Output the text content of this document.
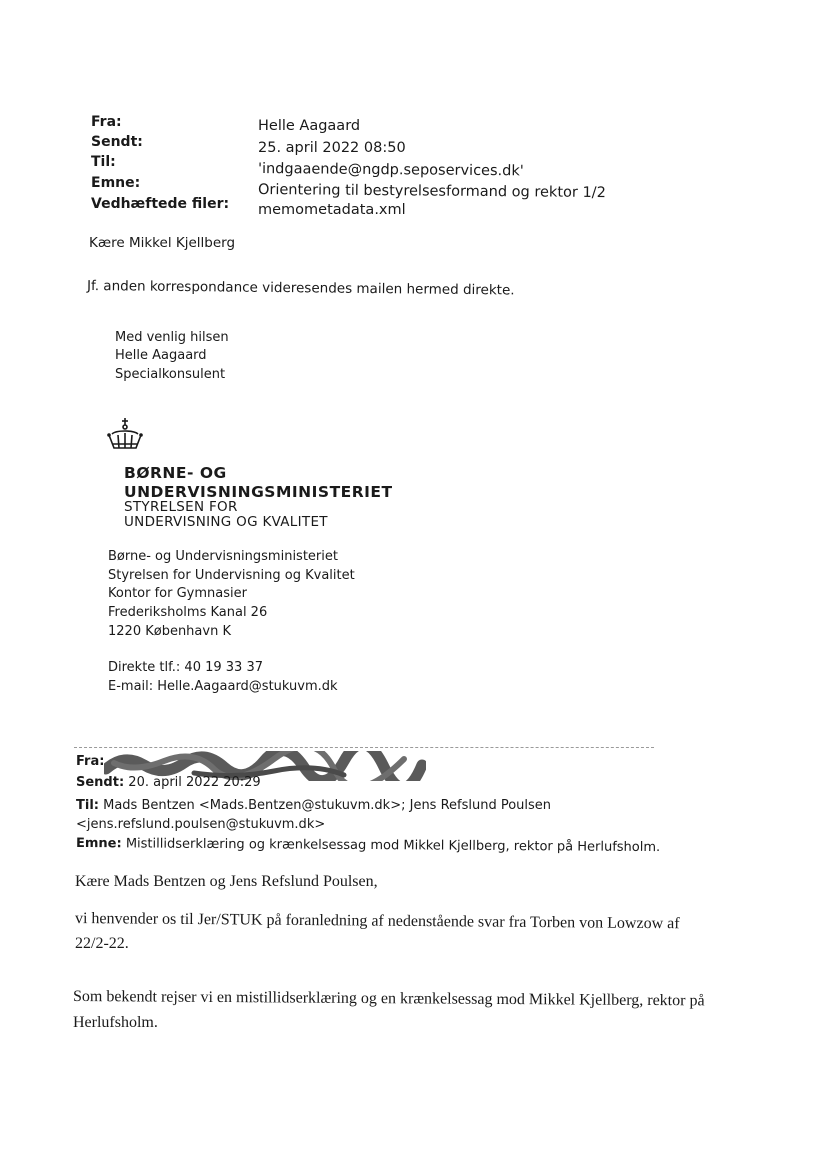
Fra:
Sendt:
Til:
Emne:
Vedhæftede filer:
Helle Aagaard
25. april 2022 08:50
'indgaaende@ngdp.seposervices.dk'
Orientering til bestyrelsesformand og rektor 1/2
memometadata.xml
Kære Mikkel Kjellberg
Jf. anden korrespondance videresendes mailen hermed direkte.
Med venlig hilsen
Helle Aagaard
Specialkonsulent
BØRNE- OG
UNDERVISNINGSMINISTERIET
STYRELSEN FOR
UNDERVISNING OG KVALITET
Børne- og Undervisningsministeriet
Styrelsen for Undervisning og Kvalitet
Kontor for Gymnasier
Frederiksholms Kanal 26
1220 København K
Direkte tlf.: 40 19 33 37
E-mail: Helle.Aagaard@stukuvm.dk
Fra:
Sendt: 20. april 2022 20:29
Til: Mads Bentzen <Mads.Bentzen@stukuvm.dk>; Jens Refslund Poulsen
<jens.refslund.poulsen@stukuvm.dk>
Emne: Mistillidserklæring og krænkelsessag mod Mikkel Kjellberg, rektor på Herlufsholm.
Kære Mads Bentzen og Jens Refslund Poulsen,
vi henvender os til Jer/STUK på foranledning af nedenstående svar fra Torben von Lowzow af
22/2-22.
Som bekendt rejser vi en mistillidserklæring og en krænkelsessag mod Mikkel Kjellberg, rektor på
Herlufsholm.
